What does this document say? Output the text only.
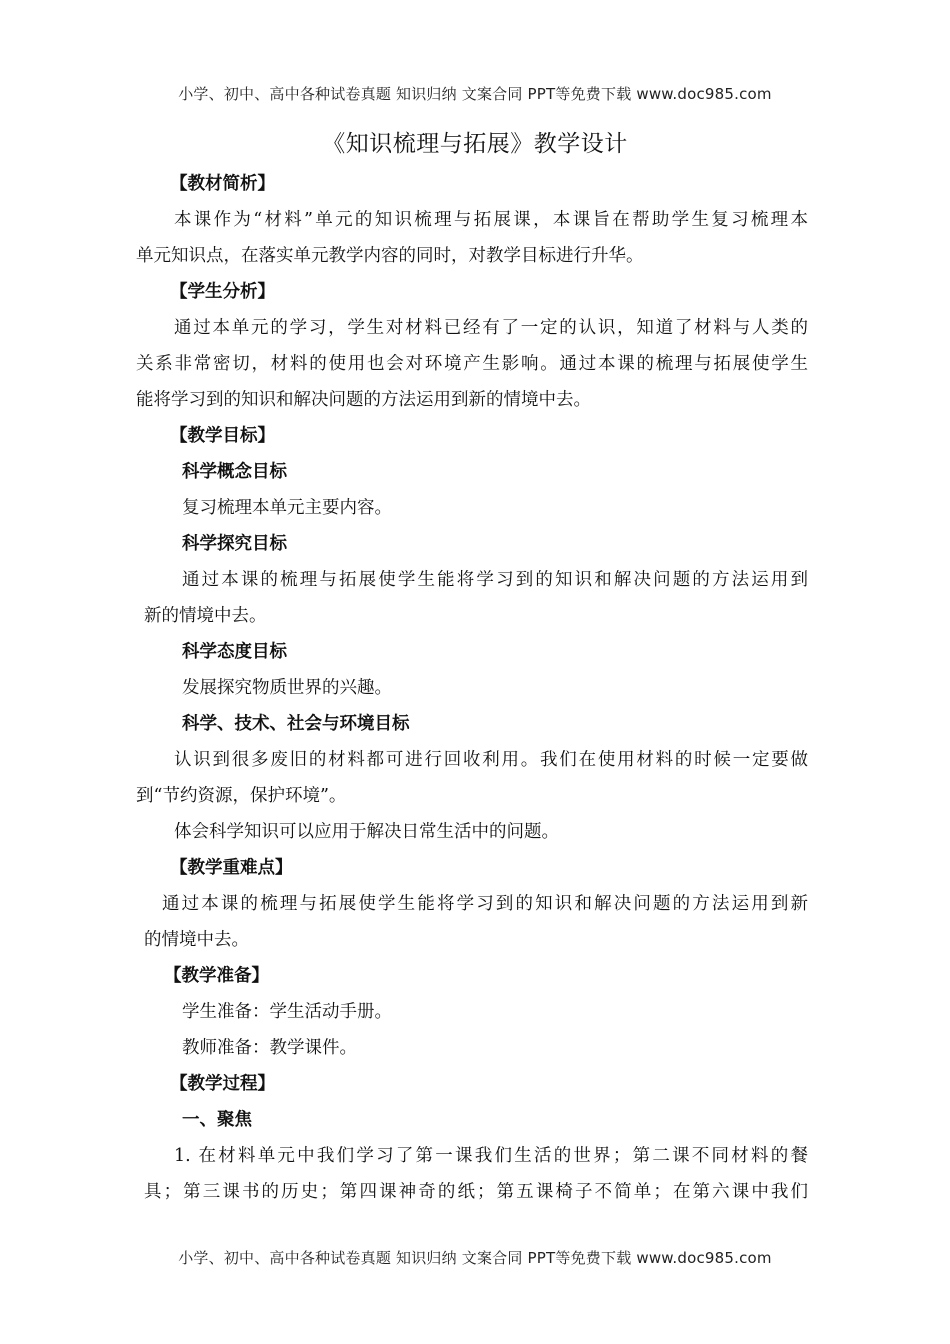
小学、初中、高中各种试卷真题 知识归纳 文案合同 PPT等免费下载 www.doc985.com
《知识梳理与拓展》教学设计

【教材简析】

本课作为“材料”单元的知识梳理与拓展课，本课旨在帮助学生复习梳理本

单元知识点，在落实单元教学内容的同时，对教学目标进行升华。

【学生分析】

通过本单元的学习，学生对材料已经有了一定的认识，知道了材料与人类的

关系非常密切，材料的使用也会对环境产生影响。通过本课的梳理与拓展使学生

能将学习到的知识和解决问题的方法运用到新的情境中去。

【教学目标】

科学概念目标

复习梳理本单元主要内容。

科学探究目标

通过本课的梳理与拓展使学生能将学习到的知识和解决问题的方法运用到

新的情境中去。

科学态度目标

发展探究物质世界的兴趣。

科学、技术、社会与环境目标

认识到很多废旧的材料都可进行回收利用。我们在使用材料的时候一定要做

到“节约资源，保护环境”。

体会科学知识可以应用于解决日常生活中的问题。

【教学重难点】

通过本课的梳理与拓展使学生能将学习到的知识和解决问题的方法运用到新

的情境中去。

【教学准备】

学生准备：学生活动手册。

教师准备：教学课件。

【教学过程】

一、聚焦

1. 在材料单元中我们学习了第一课我们生活的世界；第二课不同材料的餐

具；第三课书的历史；第四课神奇的纸；第五课椅子不简单；在第六课中我们

小学、初中、高中各种试卷真题 知识归纳 文案合同 PPT等免费下载 www.doc985.com
